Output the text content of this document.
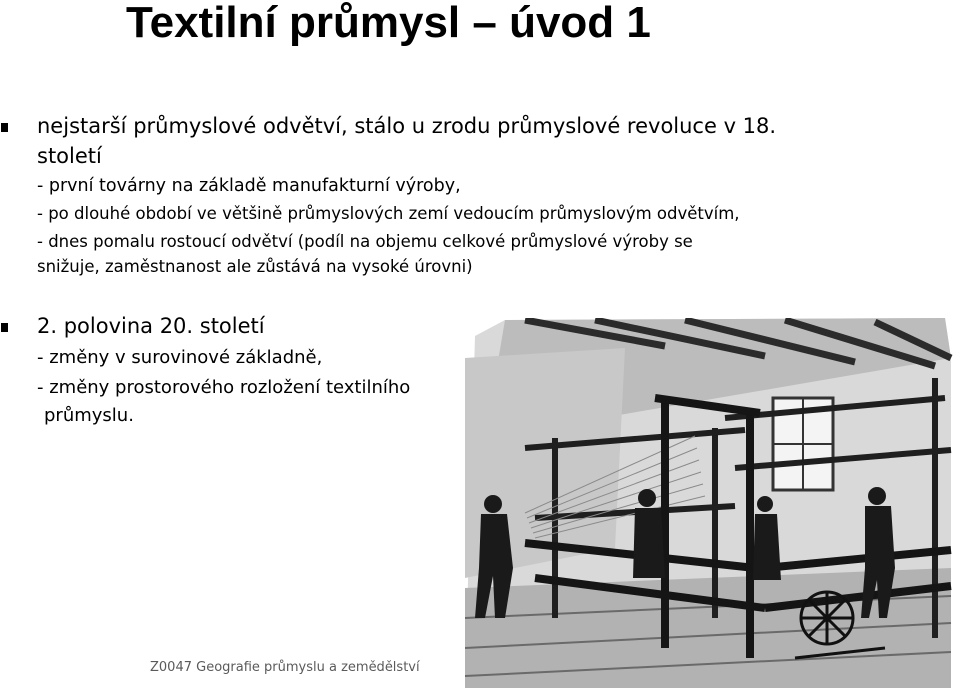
Textilní průmysl – úvod 1

nejstarší průmyslové odvětví, stálo u zrodu průmyslové revoluce v 18.

století

- první továrny na základě manufakturní výroby,

- po dlouhé období ve většině průmyslových zemí vedoucím průmyslovým odvětvím,

- dnes pomalu rostoucí odvětví (podíl na objemu celkové průmyslové výroby se

snižuje, zaměstnanost ale zůstává na vysoké úrovni)

2. polovina 20. století

- změny v surovinové základně,

- změny prostorového rozložení textilního

průmyslu.

Z0047 Geografie průmyslu a zemědělství
